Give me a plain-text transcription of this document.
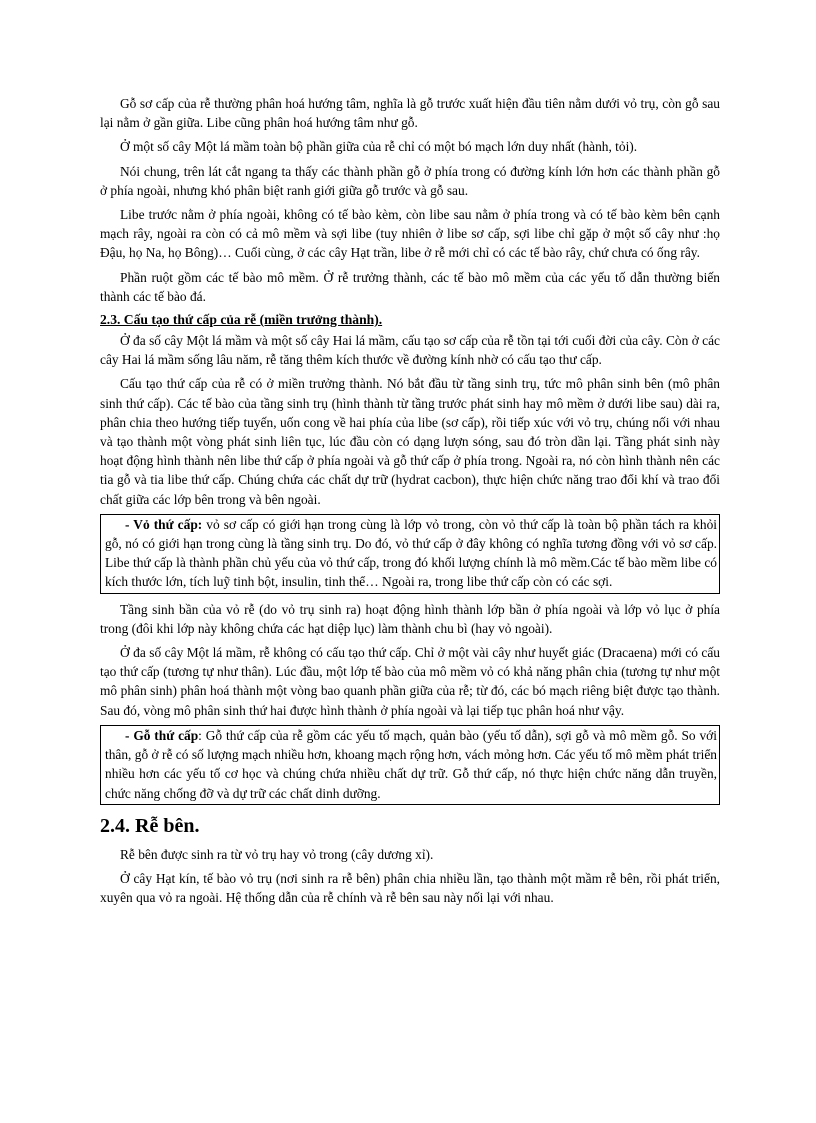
Gỗ sơ cấp của rễ thường phân hoá hướng tâm, nghĩa là gỗ trước xuất hiện đầu tiên nằm dưới vỏ trụ, còn gỗ sau lại nằm ở gần giữa. Libe cũng phân hoá hướng tâm như gỗ.

Ở một số cây Một lá mầm toàn bộ phần giữa của rễ chỉ có một bó mạch lớn duy nhất (hành, tỏi).

Nói chung, trên lát cắt ngang ta thấy các thành phần gỗ ở phía trong có đường kính lớn hơn các thành phần gỗ ở phía ngoài, nhưng khó phân biệt ranh giới giữa gỗ trước và gỗ sau.

Libe trước nằm ở phía ngoài, không có tế bào kèm, còn libe sau nằm ở phía trong và có tế bào kèm bên cạnh mạch rây, ngoài ra còn có cả mô mềm và sợi libe (tuy nhiên ở libe sơ cấp, sợi libe chỉ gặp ở một số cây như :họ Đậu, họ Na, họ Bông)… Cuối cùng, ở các cây Hạt trần, libe ở rễ mới chỉ có các tế bào rây, chứ chưa có ống rây.

Phần ruột gồm các tế bào mô mềm. Ở rễ trưởng thành, các tế bào mô mềm của các yếu tố dẫn thường biến thành các tế bào đá.

2.3. Cấu tạo thứ cấp của rễ (miền trưởng thành).

Ở đa số cây Một lá mầm và một số cây Hai lá mầm, cấu tạo sơ cấp của rễ tồn tại tới cuối đời của cây. Còn ở các cây Hai lá mầm sống lâu năm, rễ tăng thêm kích thước về đường kính nhờ có cấu tạo thư cấp.

Cấu tạo thứ cấp của rễ có ở miền trưởng thành. Nó bắt đầu từ tầng sinh trụ, tức mô phân sinh bên (mô phân sinh thứ cấp). Các tế bào của tầng sinh trụ (hình thành từ tầng trước phát sinh hay mô mềm ở dưới libe sau) dài ra, phân chia theo hướng tiếp tuyến, uốn cong về hai phía của libe (sơ cấp), rồi tiếp xúc với vỏ trụ, chúng nối với nhau và tạo thành một vòng phát sinh liên tục, lúc đầu còn có dạng lượn sóng, sau đó tròn dần lại. Tầng phát sinh này hoạt động hình thành nên libe thứ cấp ở phía ngoài và gỗ thứ cấp ở phía trong. Ngoài ra, nó còn hình thành nên các tia gỗ và tia libe thứ cấp. Chúng chứa các chất dự trữ (hydrat cacbon), thực hiện chức năng trao đổi khí và trao đổi chất giữa các lớp bên trong và bên ngoài.

- Vỏ thứ cấp: vỏ sơ cấp có giới hạn trong cùng là lớp vỏ trong, còn vỏ thứ cấp là toàn bộ phần tách ra khỏi gỗ, nó có giới hạn trong cùng là tầng sinh trụ. Do đó, vỏ thứ cấp ở đây không có nghĩa tương đồng với vỏ sơ cấp. Libe thứ cấp là thành phần chủ yếu của vỏ thứ cấp, trong đó khối lượng chính là mô mềm.Các tế bào mềm libe có kích thước lớn, tích luỹ tinh bột, insulin, tinh thể… Ngoài ra, trong libe thứ cấp còn có các sợi.

Tầng sinh bần của vỏ rễ (do vỏ trụ sinh ra) hoạt động hình thành lớp bần ở phía ngoài và lớp vỏ lục ở phía trong (đôi khi lớp này không chứa các hạt diệp lục) làm thành chu bì (hay vỏ ngoài).

Ở đa số cây Một lá mầm, rễ không có cấu tạo thứ cấp. Chỉ ở một vài cây như huyết giác (Dracaena) mới có cấu tạo thứ cấp (tương tự như thân). Lúc đầu, một lớp tế bào của mô mềm vỏ có khả năng phân chia (tương tự như một mô phân sinh) phân hoá thành một vòng bao quanh phần giữa của rễ; từ đó, các bó mạch riêng biệt được tạo thành. Sau đó, vòng mô phân sinh thứ hai được hình thành ở phía ngoài và lại tiếp tục phân hoá như vậy.

- Gỗ thứ cấp: Gỗ thứ cấp của rễ gồm các yếu tố mạch, quản bào (yếu tố dẫn), sợi gỗ và mô mềm gỗ. So với thân, gỗ ở rễ có số lượng mạch nhiều hơn, khoang mạch rộng hơn, vách mỏng hơn. Các yếu tố mô mềm phát triển nhiều hơn các yếu tố cơ học và chúng chứa nhiều chất dự trữ. Gỗ thứ cấp, nó thực hiện chức năng dẫn truyền, chức năng chống đỡ và dự trữ các chất dinh dưỡng.

2.4. Rễ bên.

Rễ bên được sinh ra từ vỏ trụ hay vỏ trong (cây dương xỉ).

Ở cây Hạt kín, tế bào vỏ trụ (nơi sinh ra rễ bên) phân chia nhiều lần, tạo thành một mầm rễ bên, rồi phát triển, xuyên qua vỏ ra ngoài. Hệ thống dẫn của rễ chính và rễ bên sau này nối lại với nhau.
